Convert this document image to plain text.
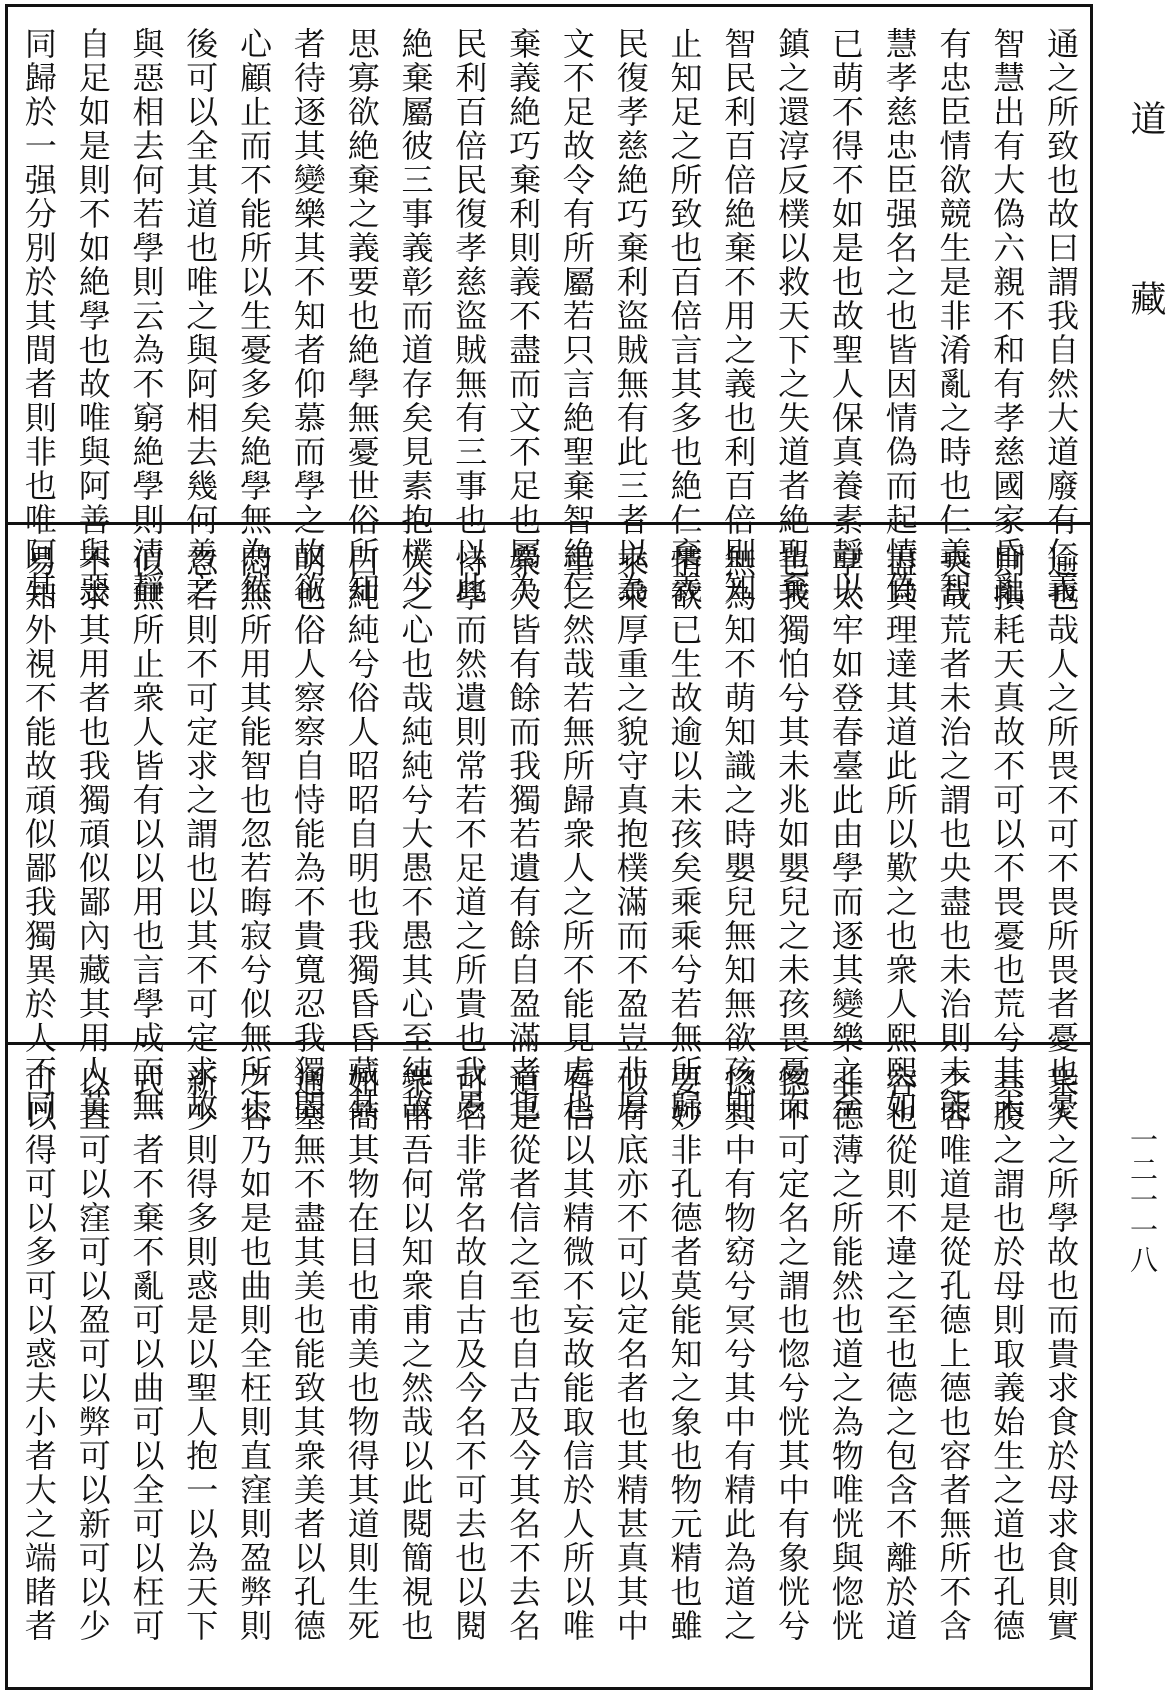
通之所致也故曰謂我自然大道廢有仁義
智慧出有大偽六親不和有孝慈國家昏亂
有忠臣情欲競生是非淆亂之時也仁義智
慧孝慈忠臣强名之也皆因情偽而起情偽
已萌不得不如是也故聖人保真養素靜以
鎮之還淳反樸以救天下之失道者絶聖棄
智民利百倍絶棄不用之義也利百倍則知
止知足之所致也百倍言其多也絶仁棄義
民復孝慈絶巧棄利盜賊無有此三者以為
文不足故令有所屬若只言絶聖棄智絶仁
棄義絶巧棄利則義不盡而文不足也屬為
民利百倍民復孝慈盜賊無有三事也以此
絶棄屬彼三事義彰而道存矣見素抱樸少
思寡欲絶棄之義要也絶學無憂世俗所知
者待逐其變樂其不知者仰慕而學之故欲
心顧止而不能所以生憂多矣絶學無為然
後可以全其道也唯之與阿相去幾何善之
與惡相去何若學則云為不窮絶學則清靜
自足如是則不如絶學也故唯與阿善與惡
同歸於一强分別於其間者則非也唯阿其
逾也哉人之所畏不可不畏所畏者憂也憂
則損耗天真故不可以不畏憂也荒兮其未
央哉荒者未治之謂也央盡也未治則未能
盡其理達其道此所以歎之也衆人熙熙如
享太牢如登春臺此由學而逐其變樂之至
也我獨怕兮其未兆如嬰兒之未孩畏憂而
無為知不萌知識之時嬰兒無知無欲孩則
情欲已生故逾以未孩矣乘乘兮若無所歸
乘乘厚重之貌守真抱樸滿而不盈豈非厚
重之然哉若無所歸衆人之所不能見處也
衆人皆有餘而我獨若遺有餘自盈滿者也
恃學而然遺則常若不足道之所貴也我愚
人之心也哉純純兮大愚不愚其心至純故
曰純純兮俗人昭昭自明也我獨昏昏藏其
明也俗人察察自恃能為不貴寬忍我獨悶
悶無所用其能智也忽若晦寂兮似無所止
忽若則不可定求之謂也以其不可定求故
似無所止衆人皆有以以用也言學成而無
不求其用者也我獨頑似鄙內藏其用人莫
易知外視不能故頑似鄙我獨異於人不同
衆人之所學故也而貴求食於母求食則實
其腹之謂也於母則取義始生之道也孔德
之容唯道是從孔德上德也容者無所不含
容也從則不違之至也德之包含不離於道
非德薄之所能然也道之為物唯恍與惚恍
惚不可定名之謂也惚兮恍其中有象恍兮
惚其中有物窈兮冥兮其中有精此為道之
要妙非孔德者莫能知之象也物元精也雖
似有底亦不可以定名者也其精甚真其中
有信以其精微不妄故能取信於人所以唯
道是從者信之至也自古及今其名不去名
可名非常名故自古及今名不可去也以閱
衆甫吾何以知衆甫之然哉以此閱簡視也
如簡其物在目也甫美也物得其道則生死
通塞無不盡其美也能致其衆美者以孔德
之容乃如是也曲則全枉則直窪則盈弊則
新少則得多則惑是以聖人抱一以為天下
式一者不棄不亂可以曲可以全可以枉可
以直可以窪可以盈可以弊可以新可以少
可以得可以多可以惑夫小者大之端睹者
道
藏
一二一一八
